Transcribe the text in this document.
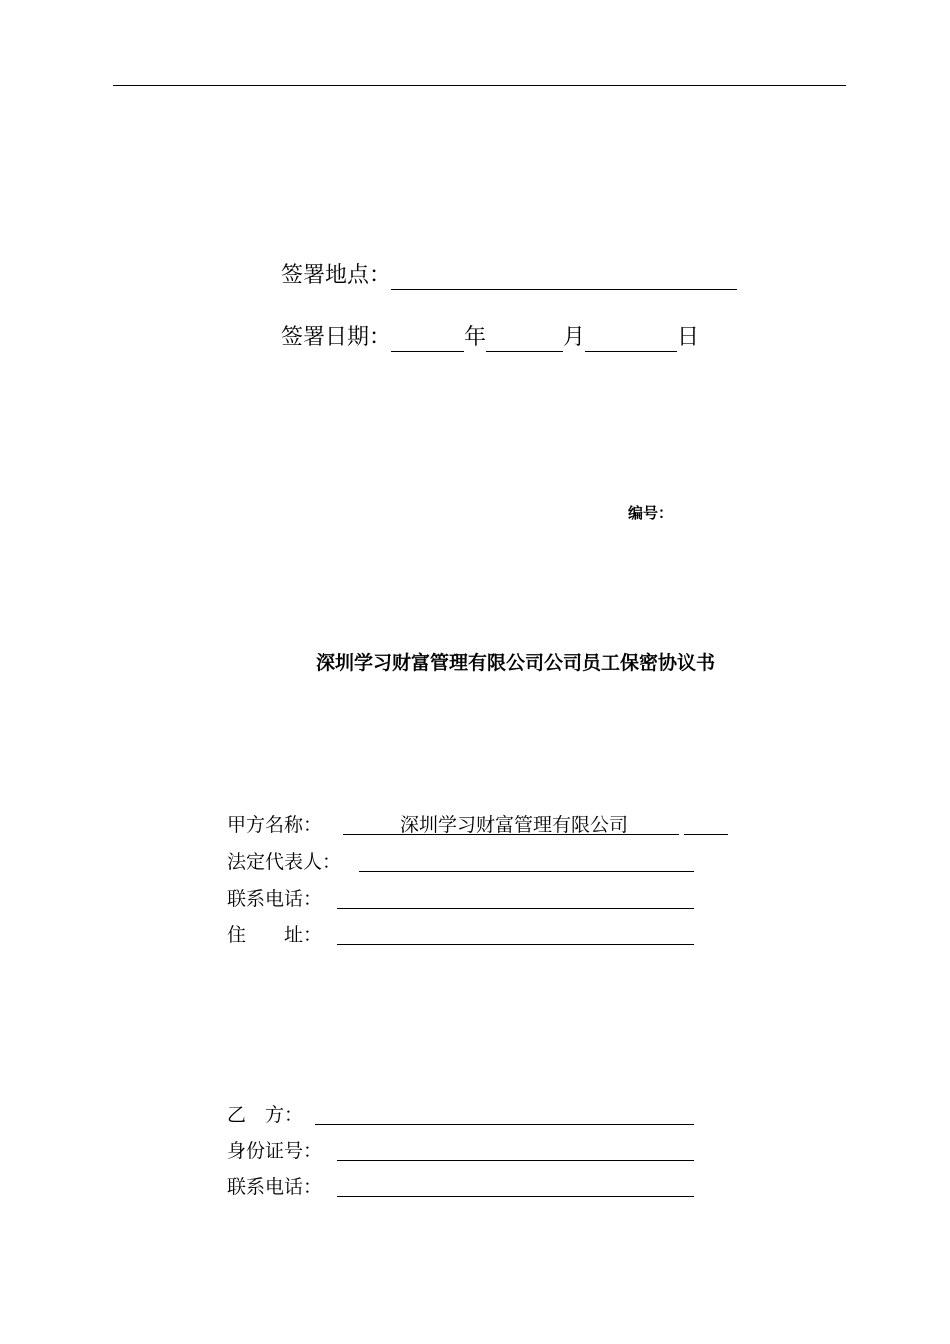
签署地点：
签署日期：	年	月	日
编号：
深圳学习财富管理有限公司公司员工保密协议书
甲方名称：	深圳学习财富管理有限公司
法定代表人：
联系电话：
住　　址：
乙　方：
身份证号：
联系电话：
